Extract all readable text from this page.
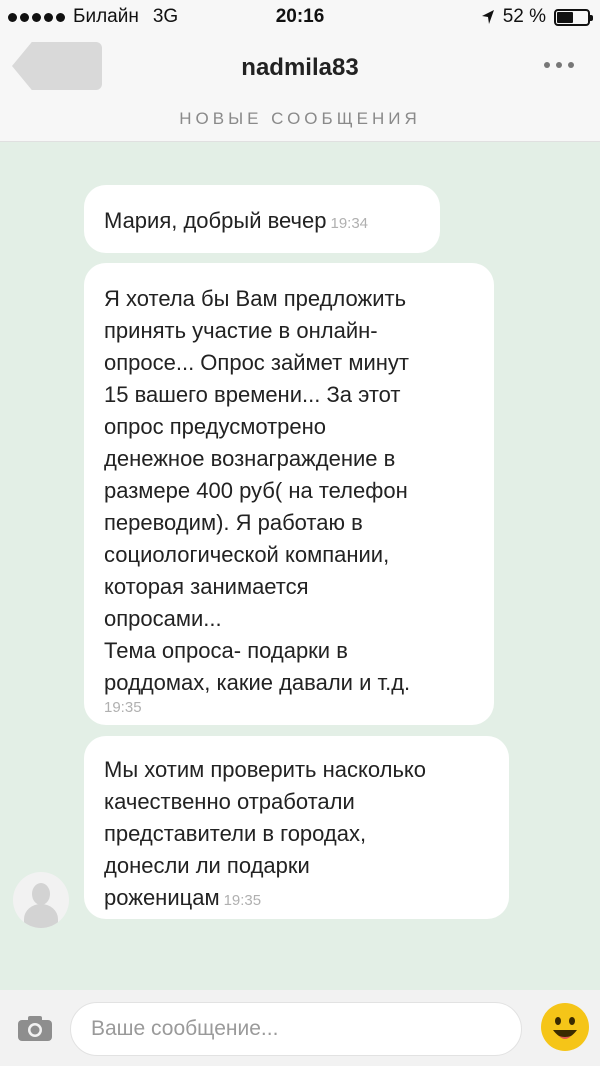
Билайн 3G	20:16	52 %
nadmila83
НОВЫЕ СООБЩЕНИЯ
Мария, добрый вечер 19:34
Я хотела бы Вам предложить
принять участие в онлайн-
опросе... Опрос займет минут
15 вашего времени... За этот
опрос предусмотрено
денежное вознаграждение в
размере 400 руб( на телефон
переводим). Я работаю в
социологической компании,
которая занимается
опросами...
Тема опроса- подарки в
роддомах, какие давали и т.д.
19:35
Мы хотим проверить насколько
качественно отработали
представители в городах,
донесли ли подарки
роженицам 19:35
Ваше сообщение...
